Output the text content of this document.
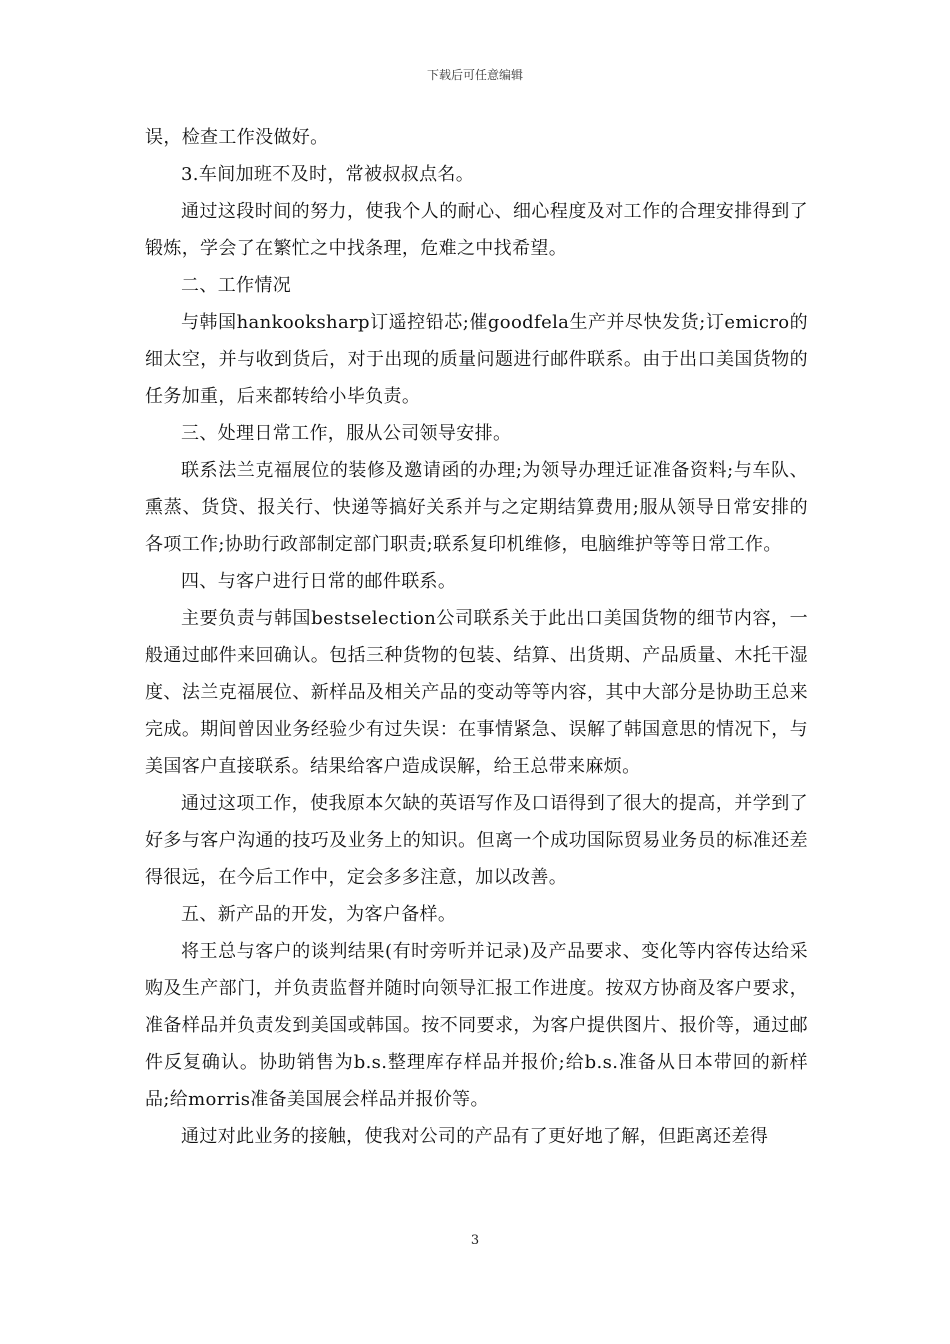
下载后可任意编辑

误，检查工作没做好。

3.车间加班不及时，常被叔叔点名。

通过这段时间的努力，使我个人的耐心、细心程度及对工作的合理安排得到了锻炼，学会了在繁忙之中找条理，危难之中找希望。

二、工作情况

与韩国hankooksharp订遥控铅芯;催goodfela生产并尽快发货;订emicro的细太空，并与收到货后，对于出现的质量问题进行邮件联系。由于出口美国货物的任务加重，后来都转给小毕负责。

三、处理日常工作，服从公司领导安排。

联系法兰克福展位的装修及邀请函的办理;为领导办理迁证准备资料;与车队、熏蒸、货贷、报关行、快递等搞好关系并与之定期结算费用;服从领导日常安排的各项工作;协助行政部制定部门职责;联系复印机维修，电脑维护等等日常工作。

四、与客户进行日常的邮件联系。

主要负责与韩国bestselection公司联系关于此出口美国货物的细节内容，一般通过邮件来回确认。包括三种货物的包装、结算、出货期、产品质量、木托干湿度、法兰克福展位、新样品及相关产品的变动等等内容，其中大部分是协助王总来完成。期间曾因业务经验少有过失误：在事情紧急、误解了韩国意思的情况下，与美国客户直接联系。结果给客户造成误解，给王总带来麻烦。

通过这项工作，使我原本欠缺的英语写作及口语得到了很大的提高，并学到了好多与客户沟通的技巧及业务上的知识。但离一个成功国际贸易业务员的标准还差得很远，在今后工作中，定会多多注意，加以改善。

五、新产品的开发，为客户备样。

将王总与客户的谈判结果(有时旁听并记录)及产品要求、变化等内容传达给采购及生产部门，并负责监督并随时向领导汇报工作进度。按双方协商及客户要求，准备样品并负责发到美国或韩国。按不同要求，为客户提供图片、报价等，通过邮件反复确认。协助销售为b.s.整理库存样品并报价;给b.s.准备从日本带回的新样品;给morris准备美国展会样品并报价等。

通过对此业务的接触，使我对公司的产品有了更好地了解，但距离还差得

3
